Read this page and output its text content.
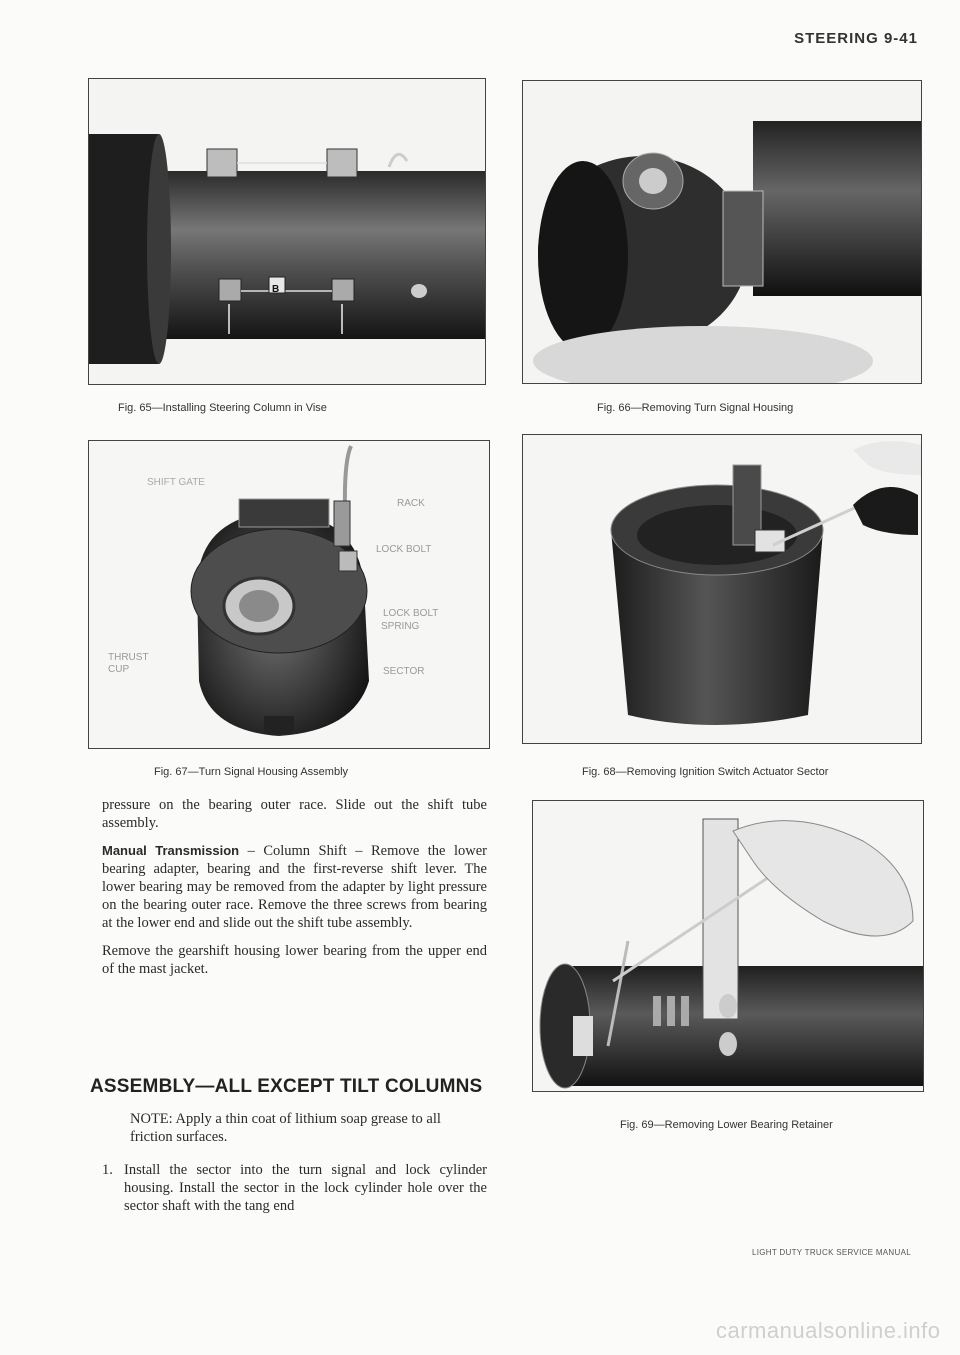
STEERING 9-41
A
B
Fig. 65—Installing Steering Column in Vise	Fig. 66—Removing Turn Signal Housing
SHIFT GATE
RACK
LOCK BOLT
LOCK BOLT
SPRING
THRUST
CUP	SECTOR
Fig. 67—Turn Signal Housing Assembly	Fig. 68—Removing Ignition Switch Actuator Sector
Fig. 69—Removing Lower Bearing Retainer

pressure on the bearing outer race. Slide out the shift tube assembly.

Manual Transmission – Column Shift – Remove the lower bearing adapter, bearing and the first-reverse shift lever. The lower bearing may be removed from the adapter by light pressure on the bearing outer race. Remove the three screws from bearing at the lower end and slide out the shift tube assembly.

Remove the gearshift housing lower bearing from the upper end of the mast jacket.

ASSEMBLY—ALL EXCEPT TILT COLUMNS
NOTE: Apply a thin coat of lithium soap grease to all friction surfaces.
1. Install the sector into the turn signal and lock cylinder housing. Install the sector in the lock cylinder hole over the sector shaft with the tang end
LIGHT DUTY TRUCK SERVICE MANUAL
carmanualsonline.info
